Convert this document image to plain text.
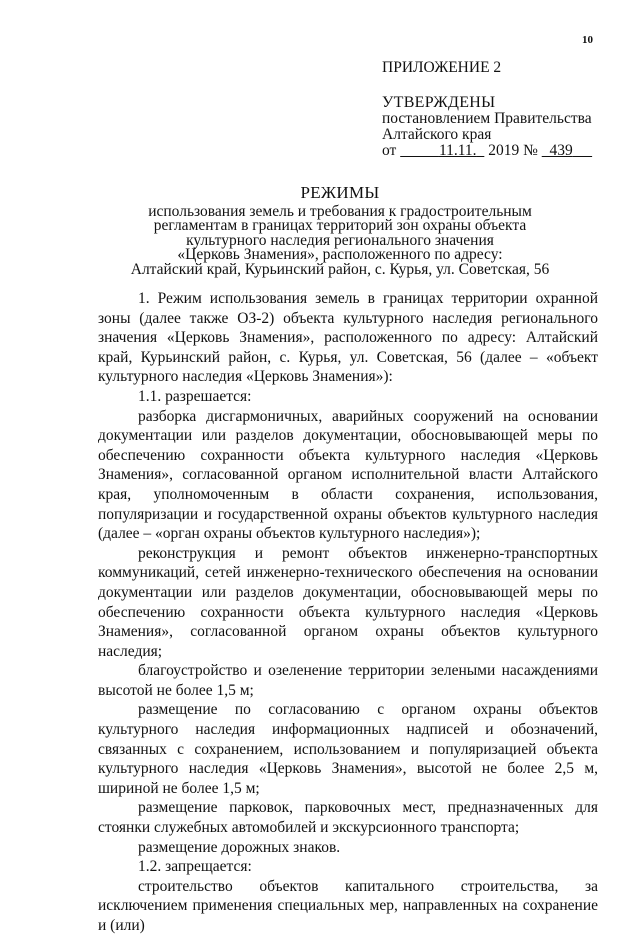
10

ПРИЛОЖЕНИЕ 2

УТВЕРЖДЕНЫ

постановлением Правительства

Алтайского края

от	11.11. 2019 № 439

РЕЖИМЫ

использования земель и требования к градостроительным

регламентам в границах территорий зон охраны объекта

культурного наследия регионального значения

«Церковь Знамения», расположенного по адресу:

Алтайский край, Курьинский район, с. Курья, ул. Советская, 56

1. Режим использования земель в границах территории охранной зоны (далее также ОЗ-2) объекта культурного наследия регионального значения «Церковь Знамения», расположенного по адресу: Алтайский край, Курьинский район, с. Курья, ул. Советская, 56 (далее – «объект культурного наследия «Церковь Знамения»):

1.1. разрешается:

разборка дисгармоничных, аварийных сооружений на основании документации или разделов документации, обосновывающей меры по обеспечению сохранности объекта культурного наследия «Церковь Знамения», согласованной органом исполнительной власти Алтайского края, уполномоченным в области сохранения, использования, популяризации и государственной охраны объектов культурного наследия (далее – «орган охраны объектов культурного наследия»);

реконструкция и ремонт объектов инженерно-транспортных коммуникаций, сетей инженерно-технического обеспечения на основании документации или разделов документации, обосновывающей меры по обеспечению сохранности объекта культурного наследия «Церковь Знамения», согласованной органом охраны объектов культурного наследия;

благоустройство и озеленение территории зелеными насаждениями высотой не более 1,5 м;

размещение по согласованию с органом охраны объектов культурного наследия информационных надписей и обозначений, связанных с сохранением, использованием и популяризацией объекта культурного наследия «Церковь Знамения», высотой не более 2,5 м, шириной не более 1,5 м;

размещение парковок, парковочных мест, предназначенных для стоянки служебных автомобилей и экскурсионного транспорта;

размещение дорожных знаков.

1.2. запрещается:

строительство объектов капитального строительства, за исключением применения специальных мер, направленных на сохранение и (или)
